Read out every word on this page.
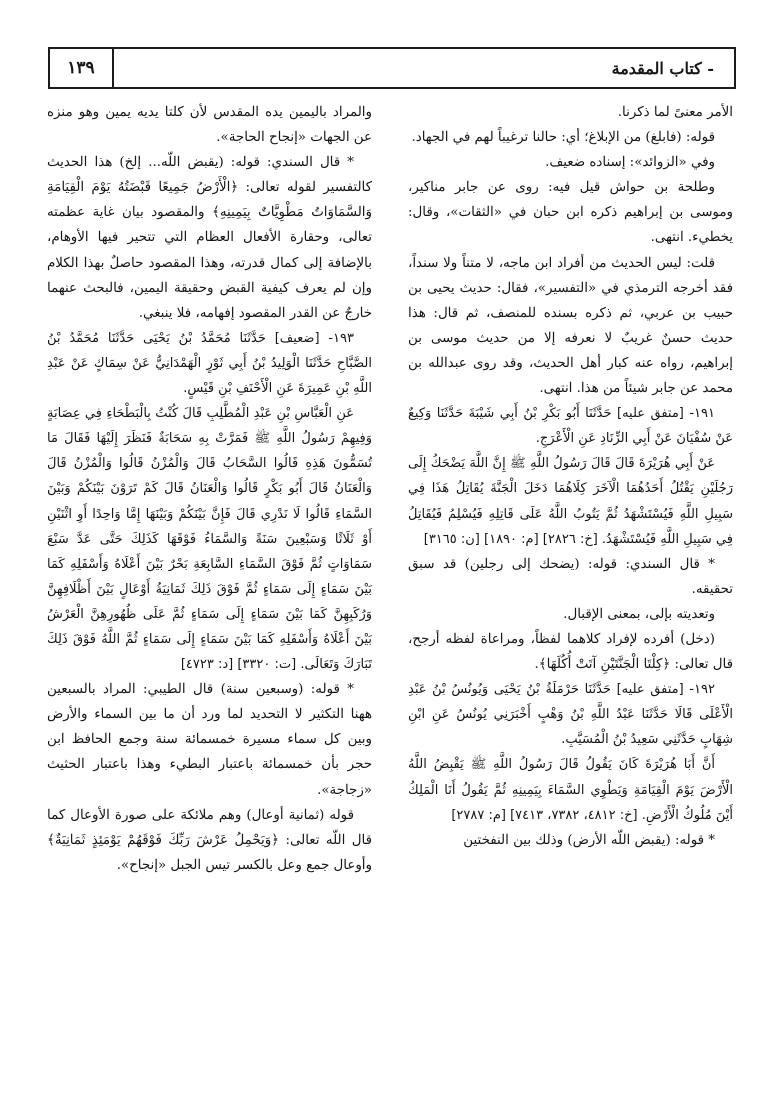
- كتاب المقدمة
١٣٩

الأمر معنىً لما ذكرنا.

قوله: (فابلغ) من الإبلاغ؛ أي: حالنا ترغيباً لهم في الجهاد.

وفي «الزوائد»: إسناده ضعيف.

وطلحة بن حواش قيل فيه: روى عن جابر مناكير، وموسى بن إبراهيم ذكره ابن حبان في «الثقات»، وقال: يخطيء. انتهى.

قلت: ليس الحديث من أفراد ابن ماجه، لا متناً ولا سنداً، فقد أخرجه الترمذي في «التفسير»، فقال: حديث يحيى بن حبيب بن عربي، ثم ذكره بسنده للمنصف، ثم قال: هذا حديث حسنٌ غريبٌ لا نعرفه إلا من حديث موسى بن إبراهيم، رواه عنه كبار أهل الحديث، وقد روى عبدالله بن محمد عن جابر شيئاً من هذا. انتهى.

١٩١- [متفق عليه] حَدَّثَنَا أَبُو بَكْرِ بْنُ أَبِي شَيْبَةَ حَدَّثَنَا وَكِيعٌ عَنْ سُفْيَانَ عَنْ أَبِي الزِّنَادِ عَنِ الْأَعْرَجِ.

عَنْ أَبِي هُرَيْرَةَ قَالَ قَالَ رَسُولُ اللَّهِ ﷺ إِنَّ اللَّهَ يَضْحَكُ إِلَى رَجُلَيْنِ يَقْتُلُ أَحَدُهُمَا الْآخَرَ كِلَاهُمَا دَخَلَ الْجَنَّةَ يُقَاتِلُ هَذَا فِي سَبِيلِ اللَّهِ فَيُسْتَشْهَدُ ثُمَّ يَتُوبُ اللَّهُ عَلَى قَاتِلِهِ فَيُسْلِمُ فَيُقَاتِلُ فِي سَبِيلِ اللَّهِ فَيُسْتَشْهَدُ. [خ: ٢٨٢٦] [م: ١٨٩٠] [ن: ٣١٦٥]

* قال السندي: قوله: (يضحك إلى رجلين) قد سبق تحقيقه.

وتعديته بإلى، بمعنى الإقبال.

(دخل) أفرده لإفراد كلاهما لفظاً، ومراعاة لفظه أرجح، قال تعالى: ﴿كِلْتَا الْجَنَّتَيْنِ آتَتْ أُكُلَهَا﴾.

١٩٢- [متفق عليه] حَدَّثَنَا حَرْمَلَةُ بْنُ يَحْيَى وَيُونُسُ بْنُ عَبْدِ الْأَعْلَى قَالَا حَدَّثَنَا عَبْدُ اللَّهِ بْنُ وَهْبٍ أَخْبَرَنِي يُونُسُ عَنِ ابْنِ شِهَابٍ حَدَّثَنِي سَعِيدُ بْنُ الْمُسَيَّبِ.

أَنَّ أَبَا هُرَيْرَةَ كَانَ يَقُولُ قَالَ رَسُولُ اللَّهِ ﷺ يَقْبِضُ اللَّهُ الْأَرْضَ يَوْمَ الْقِيَامَةِ وَيَطْوِي السَّمَاءَ بِيَمِينِهِ ثُمَّ يَقُولُ أَنَا الْمَلِكُ أَيْنَ مُلُوكُ الْأَرْضِ. [خ: ٤٨١٢، ٧٣٨٢، ٧٤١٣] [م: ٢٧٨٧]

* قوله: (يقبض اللّه الأرض) وذلك بين النفختين

والمراد باليمين يده المقدس لأن كلتا يديه يمين وهو منزه عن الجهات «إنجاح الحاجة».

* قال السندي: قوله: (يقبض اللّه... إلخ) هذا الحديث كالتفسير لقوله تعالى: ﴿الْأَرْضُ جَمِيعًا قَبْضَتُهُ يَوْمَ الْقِيَامَةِ وَالسَّمَاوَاتُ مَطْوِيَّاتٌ بِيَمِينِهِ﴾ والمقصود بيان غاية عظمته تعالى، وحقارة الأفعال العظام التي تتحير فيها الأوهام، بالإضافة إلى كمال قدرته، وهذا المقصود حاصلٌ بهذا الكلام وإن لم يعرف كيفية القبض وحقيقة اليمين، فالبحث عنهما خارجٌ عن القدر المقصود إفهامه، فلا ينبغي.

١٩٣- [ضعيف] حَدَّثَنَا مُحَمَّدُ بْنُ يَحْيَى حَدَّثَنَا مُحَمَّدُ بْنُ الصَّبَّاحِ حَدَّثَنَا الْوَلِيدُ بْنُ أَبِي ثَوْرٍ الْهَمْدَانِيُّ عَنْ سِمَاكٍ عَنْ عَبْدِ اللَّهِ بْنِ عَمِيرَةَ عَنِ الْأَحْنَفِ بْنِ قَيْسٍ.

عَنِ الْعَبَّاسِ بْنِ عَبْدِ الْمُطَّلِبِ قَالَ كُنْتُ بِالْبَطْحَاءِ فِي عِصَابَةٍ وَفِيهِمْ رَسُولُ اللَّهِ ﷺ فَمَرَّتْ بِهِ سَحَابَةٌ فَنَظَرَ إِلَيْهَا فَقَالَ مَا تُسَمُّونَ هَذِهِ قَالُوا السَّحَابُ قَالَ وَالْمُزْنُ قَالُوا وَالْمُزْنُ قَالَ وَالْعَنَانُ قَالَ أَبُو بَكْرٍ قَالُوا وَالْعَنَانُ قَالَ كَمْ تَرَوْنَ بَيْنَكُمْ وَبَيْنَ السَّمَاءِ قَالُوا لَا نَدْرِي قَالَ فَإِنَّ بَيْنَكُمْ وَبَيْنَهَا إِمَّا وَاحِدًا أَوِ اثْنَيْنِ أَوْ ثَلَاثًا وَسَبْعِينَ سَنَةً وَالسَّمَاءُ فَوْقَهَا كَذَلِكَ حَتَّى عَدَّ سَبْعَ سَمَاوَاتٍ ثُمَّ فَوْقَ السَّمَاءِ السَّابِعَةِ بَحْرٌ بَيْنَ أَعْلَاهُ وَأَسْفَلِهِ كَمَا بَيْنَ سَمَاءٍ إِلَى سَمَاءٍ ثُمَّ فَوْقَ ذَلِكَ ثَمَانِيَةُ أَوْعَالٍ بَيْنَ أَظْلَافِهِنَّ وَرُكَبِهِنَّ كَمَا بَيْنَ سَمَاءٍ إِلَى سَمَاءٍ ثُمَّ عَلَى ظُهُورِهِنَّ الْعَرْشُ بَيْنَ أَعْلَاهُ وَأَسْفَلِهِ كَمَا بَيْنَ سَمَاءٍ إِلَى سَمَاءٍ ثُمَّ اللَّهُ فَوْقَ ذَلِكَ تَبَارَكَ وَتَعَالَى. [ت: ٣٣٢٠] [د: ٤٧٢٣]

* قوله: (وسبعين سنة) قال الطيبي: المراد بالسبعين ههنا التكثير لا التحديد لما ورد أن ما بين السماء والأرض وبين كل سماء مسيرة خمسمائة سنة وجمع الحافظ ابن حجر بأن خمسمائة باعتبار البطيء وهذا باعتبار الحثيث «زجاجة».

قوله (ثمانية أوعال) وهم ملائكة على صورة الأوعال كما قال اللّه تعالى: ﴿وَيَحْمِلُ عَرْشَ رَبِّكَ فَوْقَهُمْ يَوْمَئِذٍ ثَمَانِيَةٌ﴾ وأوعال جمع وعل بالكسر تيس الجبل «إنجاح».
